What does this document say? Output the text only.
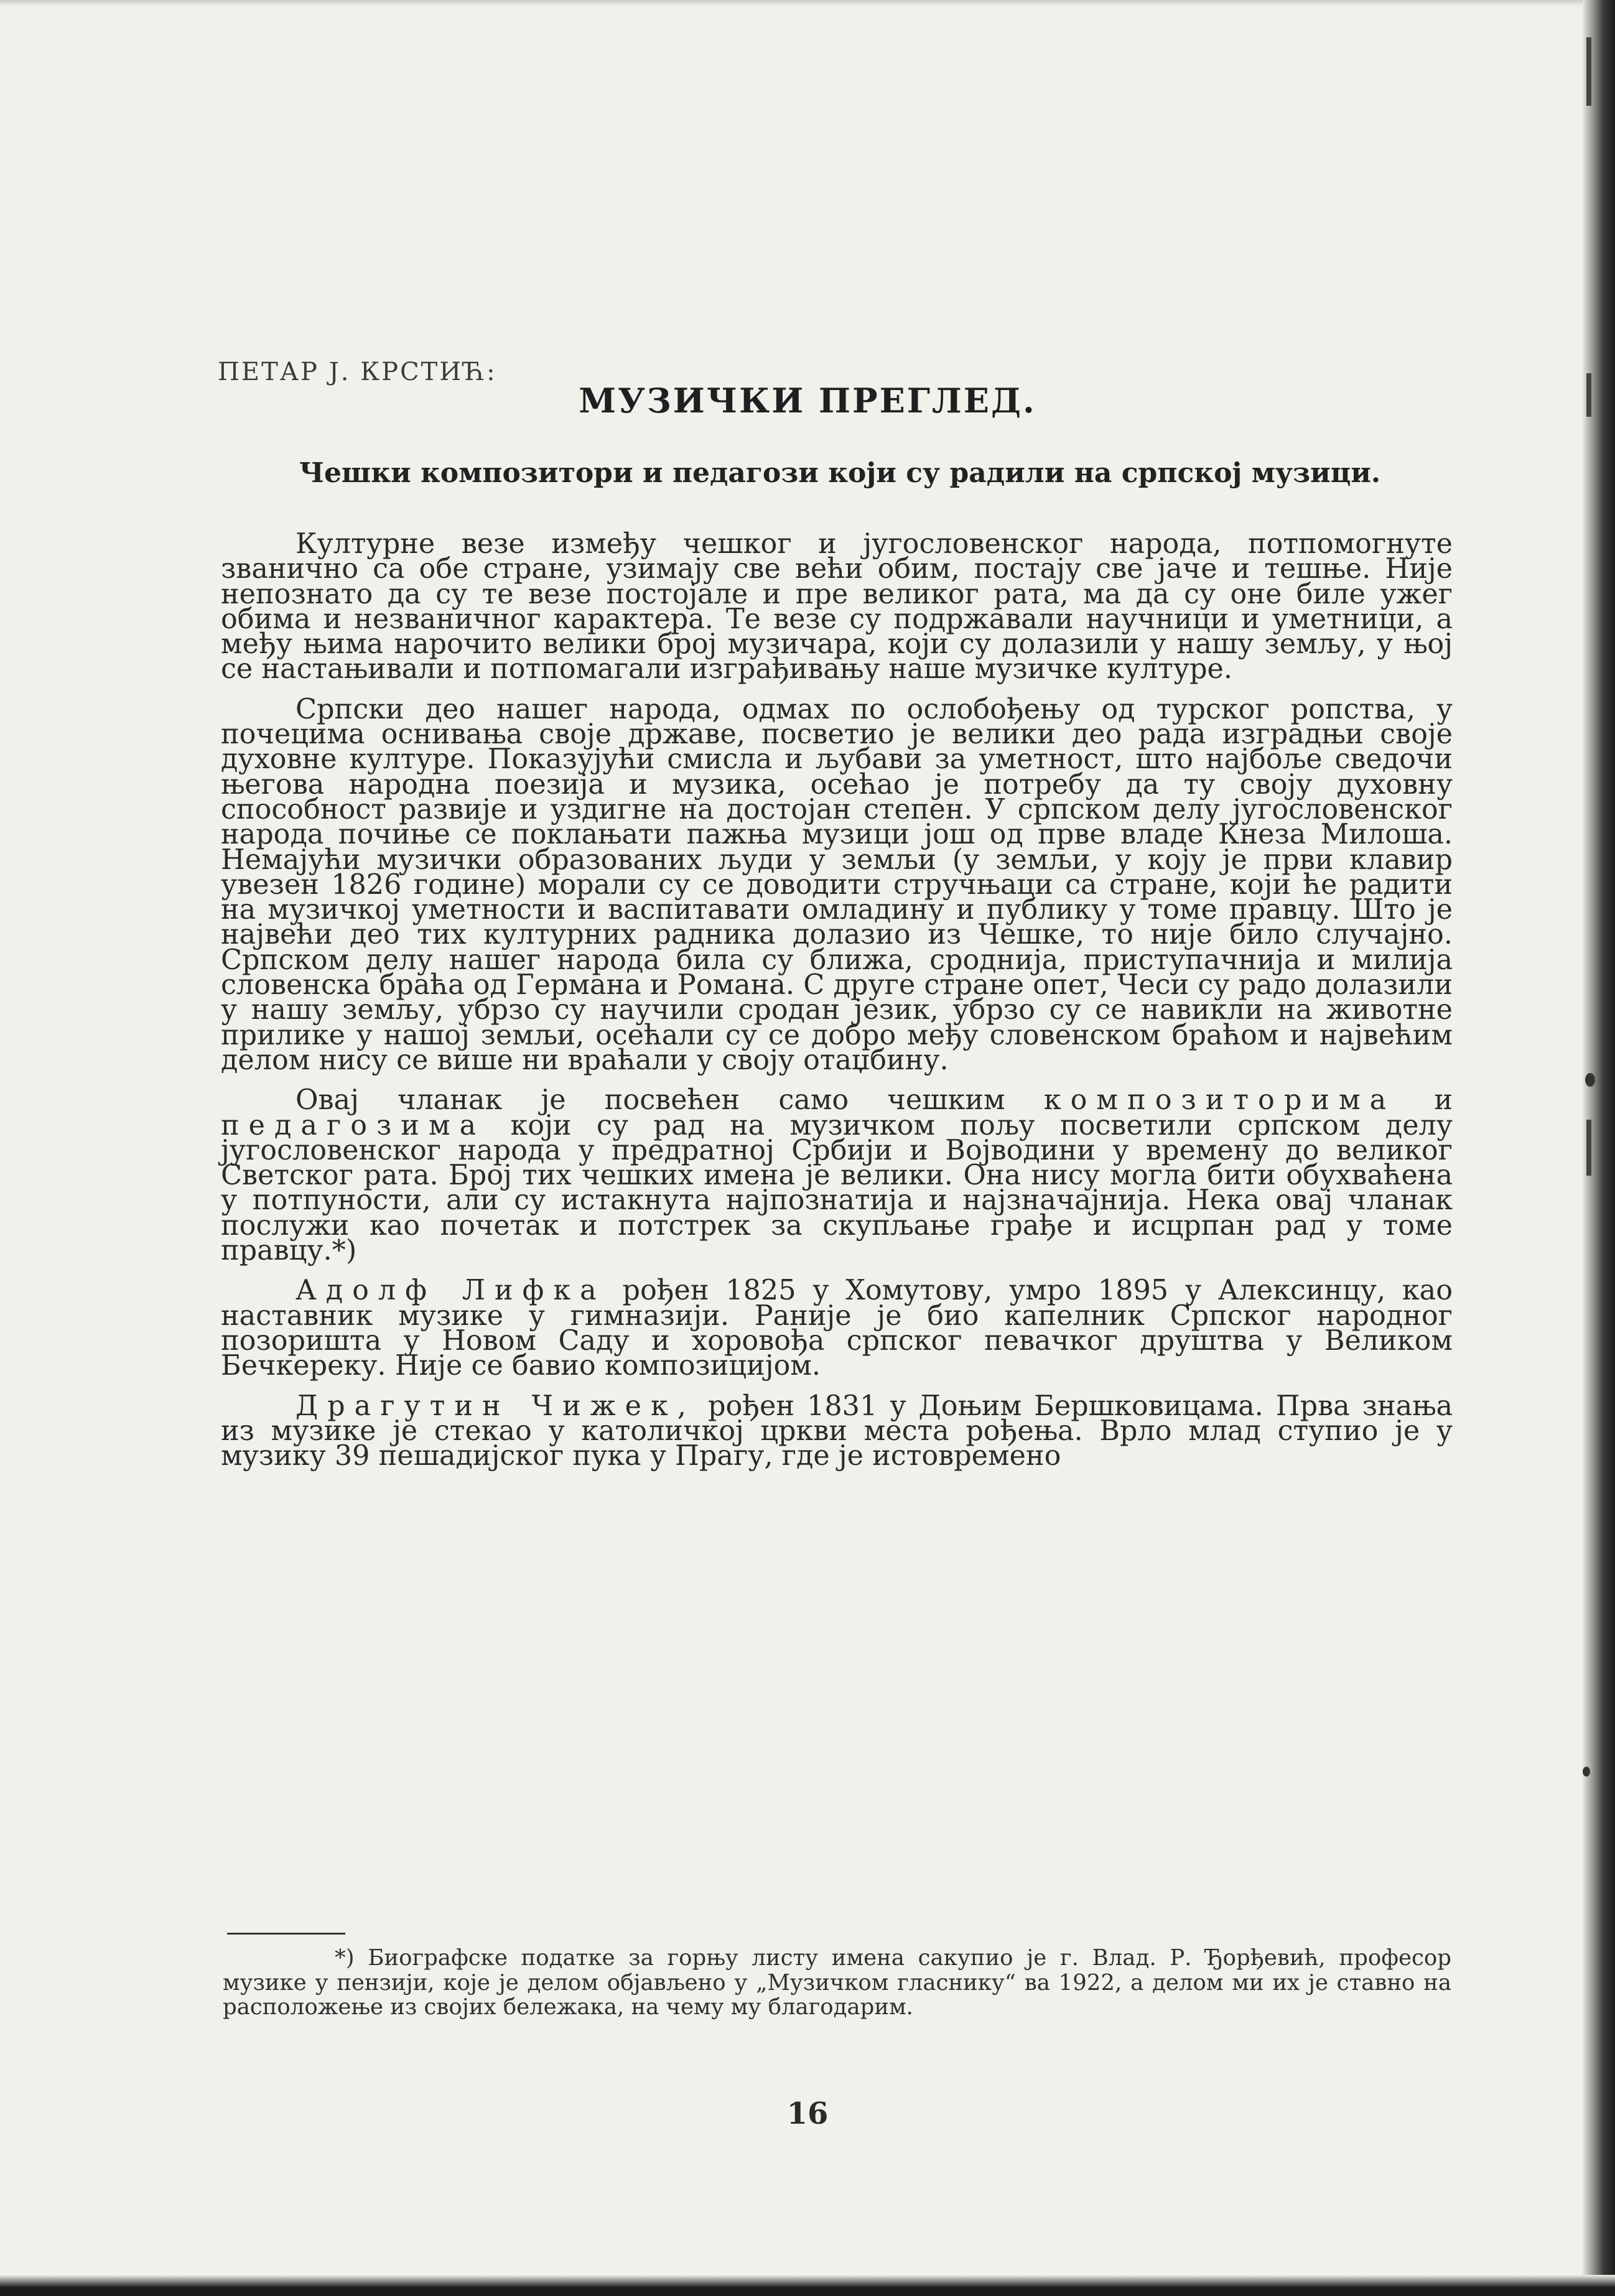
ПЕТАР Ј. КРСТИЋ:
МУЗИЧКИ ПРЕГЛЕД.
Чешки композитори и педагози који су радили на српској музици.

Културне везе између чешког и југословенског народа, потпомогнуте званично са обе стране, узимају све већи обим, постају све јаче и тешње. Није непознато да су те везе постојале и пре великог рата, ма да су оне биле ужег обима и незваничног карактера. Те везе су подржавали научници и уметници, а међу њима нарочито велики број музичара, који су долазили у нашу земљу, у њој се настањивали и потпомагали изграђивању наше музичке културе.

Српски део нашег народа, одмах по ослобођењу од турског ропства, у почецима оснивања своје државе, посветио је велики део рада изградњи своје духовне културе. Показујући смисла и љубави за уметност, што најбоље сведочи његова народна поезија и музика, осећао је потребу да ту своју духовну способност развије и уздигне на достојан степен. У српском делу југословенског народа почиње се поклањати пажња музици још од прве владе Кнеза Милоша. Немајући музички образованих људи у земљи (у земљи, у коју је први клавир увезен 1826 године) морали су се доводити стручњаци са стране, који ће радити на музичкој уметности и васпитавати омладину и публику у томе правцу. Што је највећи део тих културних радника долазио из Чешке, то није било случајно. Српском делу нашег народа била су ближа, сроднија, приступачнија и милија словенска браћа од Германа и Романа. С друге стране опет, Чеси су радо долазили у нашу земљу, убрзо су научили сродан језик, убрзо су се навикли на животне прилике у нашој земљи, осећали су се добро међу словенском браћом и највећим делом нису се више ни враћали у своју отаџбину.

Овај чланак је посвећен само чешким композиторима и педагозима који су рад на музичком пољу посветили српском делу југословенског народа у предратној Србији и Војводини у времену до великог Светског рата. Број тих чешких имена је велики. Она нису могла бити обухваћена у потпуности, али су истакнута најпознатија и најзначајнија. Нека овај чланак послужи као почетак и потстрек за скупљање грађе и исцрпан рад у томе правцу.*)

Адолф Лифка рођен 1825 у Хомутову, умро 1895 у Алексинцу, као наставник музике у гимназији. Раније је био капелник Српског народног позоришта у Новом Саду и хоровођа српског певачког друштва у Великом Бечкереку. Није се бавио композицијом.

Драгутин Чижек, рођен 1831 у Доњим Бершковицама. Прва знања из музике је стекао у католичкој цркви места рођења. Врло млад ступио је у музику 39 пешадијског пука у Прагу, где је истовремено

*) Биографске податке за горњу листу имена сакупио је г. Влад. Р. Ђорђевић, професор музике у пензији, које је делом објављено у „Музичком гласнику“ ва 1922, а делом ми их је ставно на расположење из својих бележака, на чему му благодарим.

16
